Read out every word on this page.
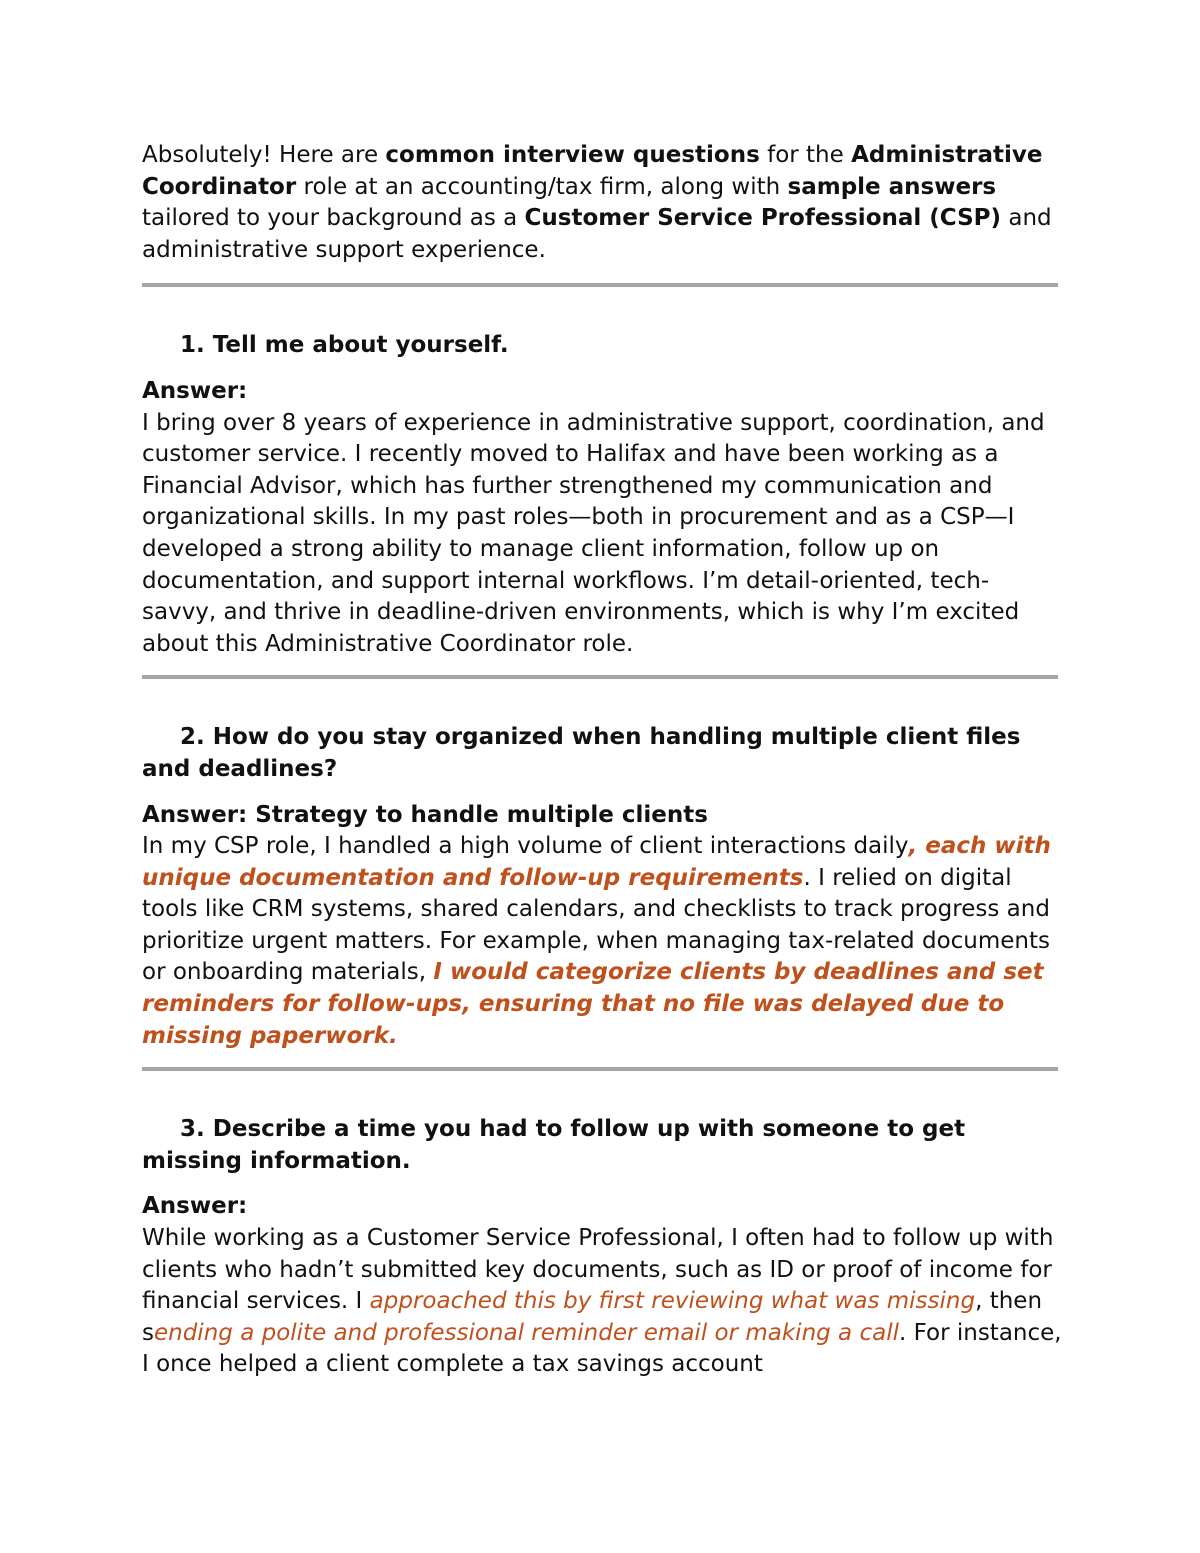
Absolutely! Here are common interview questions for the Administrative Coordinator role at an accounting/tax firm, along with sample answers tailored to your background as a Customer Service Professional (CSP) and administrative support experience.

1. Tell me about yourself.

Answer:

I bring over 8 years of experience in administrative support, coordination, and customer service. I recently moved to Halifax and have been working as a Financial Advisor, which has further strengthened my communication and organizational skills. In my past roles—both in procurement and as a CSP—I developed a strong ability to manage client information, follow up on documentation, and support internal workflows. I’m detail-oriented, tech-savvy, and thrive in deadline-driven environments, which is why I’m excited about this Administrative Coordinator role.

2. How do you stay organized when handling multiple client files and deadlines?

Answer: Strategy to handle multiple clients

In my CSP role, I handled a high volume of client interactions daily, each with unique documentation and follow-up requirements. I relied on digital tools like CRM systems, shared calendars, and checklists to track progress and prioritize urgent matters. For example, when managing tax-related documents or onboarding materials, I would categorize clients by deadlines and set reminders for follow-ups, ensuring that no file was delayed due to missing paperwork.

3. Describe a time you had to follow up with someone to get missing information.

Answer:

While working as a Customer Service Professional, I often had to follow up with clients who hadn’t submitted key documents, such as ID or proof of income for financial services. I approached this by first reviewing what was missing, then sending a polite and professional reminder email or making a call. For instance, I once helped a client complete a tax savings account
